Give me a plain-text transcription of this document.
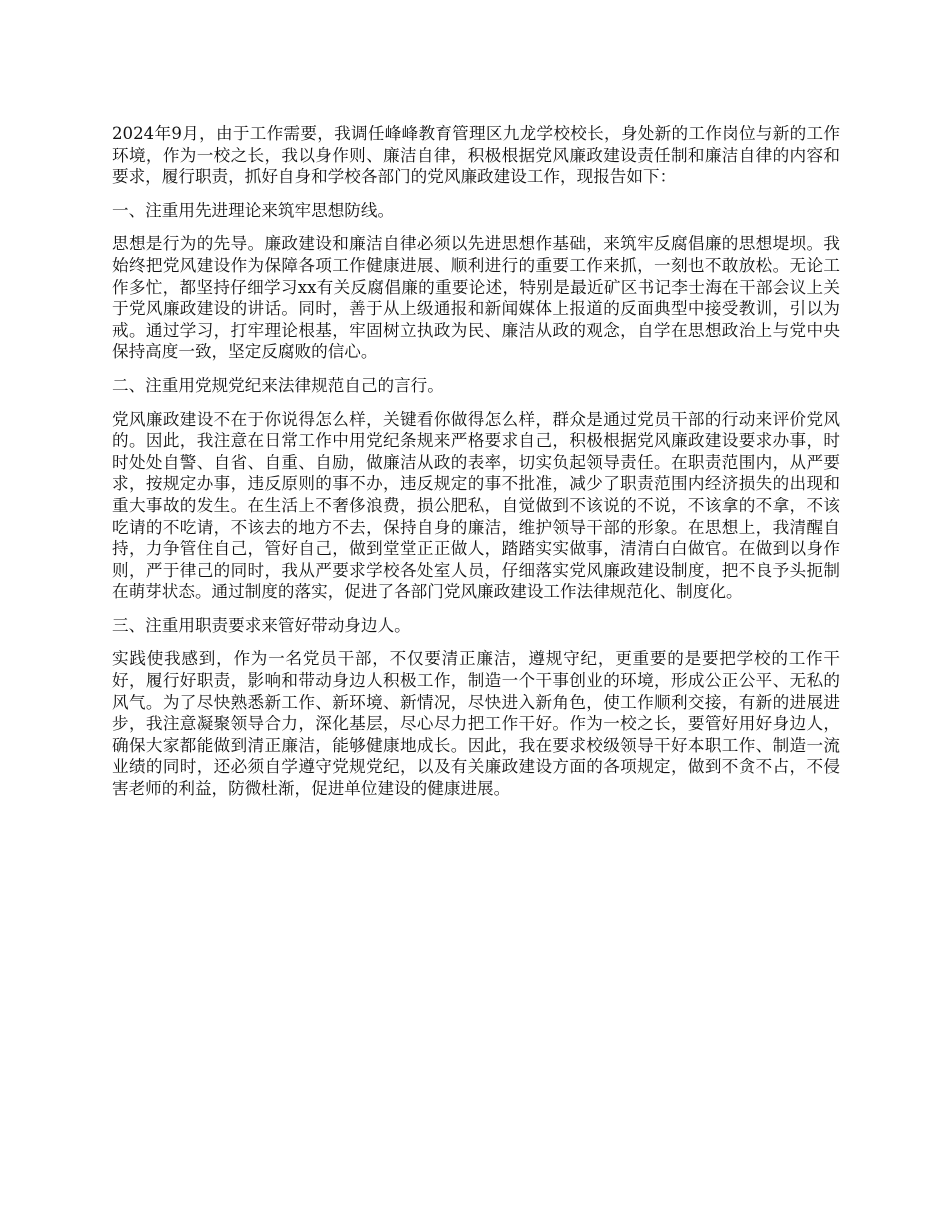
2024年9月，由于工作需要，我调任峰峰教育管理区九龙学校校长，身处新的工作岗位与新的工作环境，作为一校之长，我以身作则、廉洁自律，积极根据党风廉政建设责任制和廉洁自律的内容和要求，履行职责，抓好自身和学校各部门的党风廉政建设工作，现报告如下：

一、注重用先进理论来筑牢思想防线。

思想是行为的先导。廉政建设和廉洁自律必须以先进思想作基础，来筑牢反腐倡廉的思想堤坝。我始终把党风建设作为保障各项工作健康进展、顺利进行的重要工作来抓，一刻也不敢放松。无论工作多忙，都坚持仔细学习xx有关反腐倡廉的重要论述，特别是最近矿区书记李士海在干部会议上关于党风廉政建设的讲话。同时，善于从上级通报和新闻媒体上报道的反面典型中接受教训，引以为戒。通过学习，打牢理论根基，牢固树立执政为民、廉洁从政的观念，自学在思想政治上与党中央保持高度一致，坚定反腐败的信心。

二、注重用党规党纪来法律规范自己的言行。

党风廉政建设不在于你说得怎么样，关键看你做得怎么样，群众是通过党员干部的行动来评价党风的。因此，我注意在日常工作中用党纪条规来严格要求自己，积极根据党风廉政建设要求办事，时时处处自警、自省、自重、自励，做廉洁从政的表率，切实负起领导责任。在职责范围内，从严要求，按规定办事，违反原则的事不办，违反规定的事不批准，减少了职责范围内经济损失的出现和重大事故的发生。在生活上不奢侈浪费，损公肥私，自觉做到不该说的不说，不该拿的不拿，不该吃请的不吃请，不该去的地方不去，保持自身的廉洁，维护领导干部的形象。在思想上，我清醒自持，力争管住自己，管好自己，做到堂堂正正做人，踏踏实实做事，清清白白做官。在做到以身作则，严于律己的同时，我从严要求学校各处室人员，仔细落实党风廉政建设制度，把不良予头扼制在萌芽状态。通过制度的落实，促进了各部门党风廉政建设工作法律规范化、制度化。

三、注重用职责要求来管好带动身边人。

实践使我感到，作为一名党员干部，不仅要清正廉洁，遵规守纪，更重要的是要把学校的工作干好，履行好职责，影响和带动身边人积极工作，制造一个干事创业的环境，形成公正公平、无私的风气。为了尽快熟悉新工作、新环境、新情况，尽快进入新角色，使工作顺利交接，有新的进展进步，我注意凝聚领导合力，深化基层，尽心尽力把工作干好。作为一校之长，要管好用好身边人，确保大家都能做到清正廉洁，能够健康地成长。因此，我在要求校级领导干好本职工作、制造一流业绩的同时，还必须自学遵守党规党纪，以及有关廉政建设方面的各项规定，做到不贪不占，不侵害老师的利益，防微杜渐，促进单位建设的健康进展。
